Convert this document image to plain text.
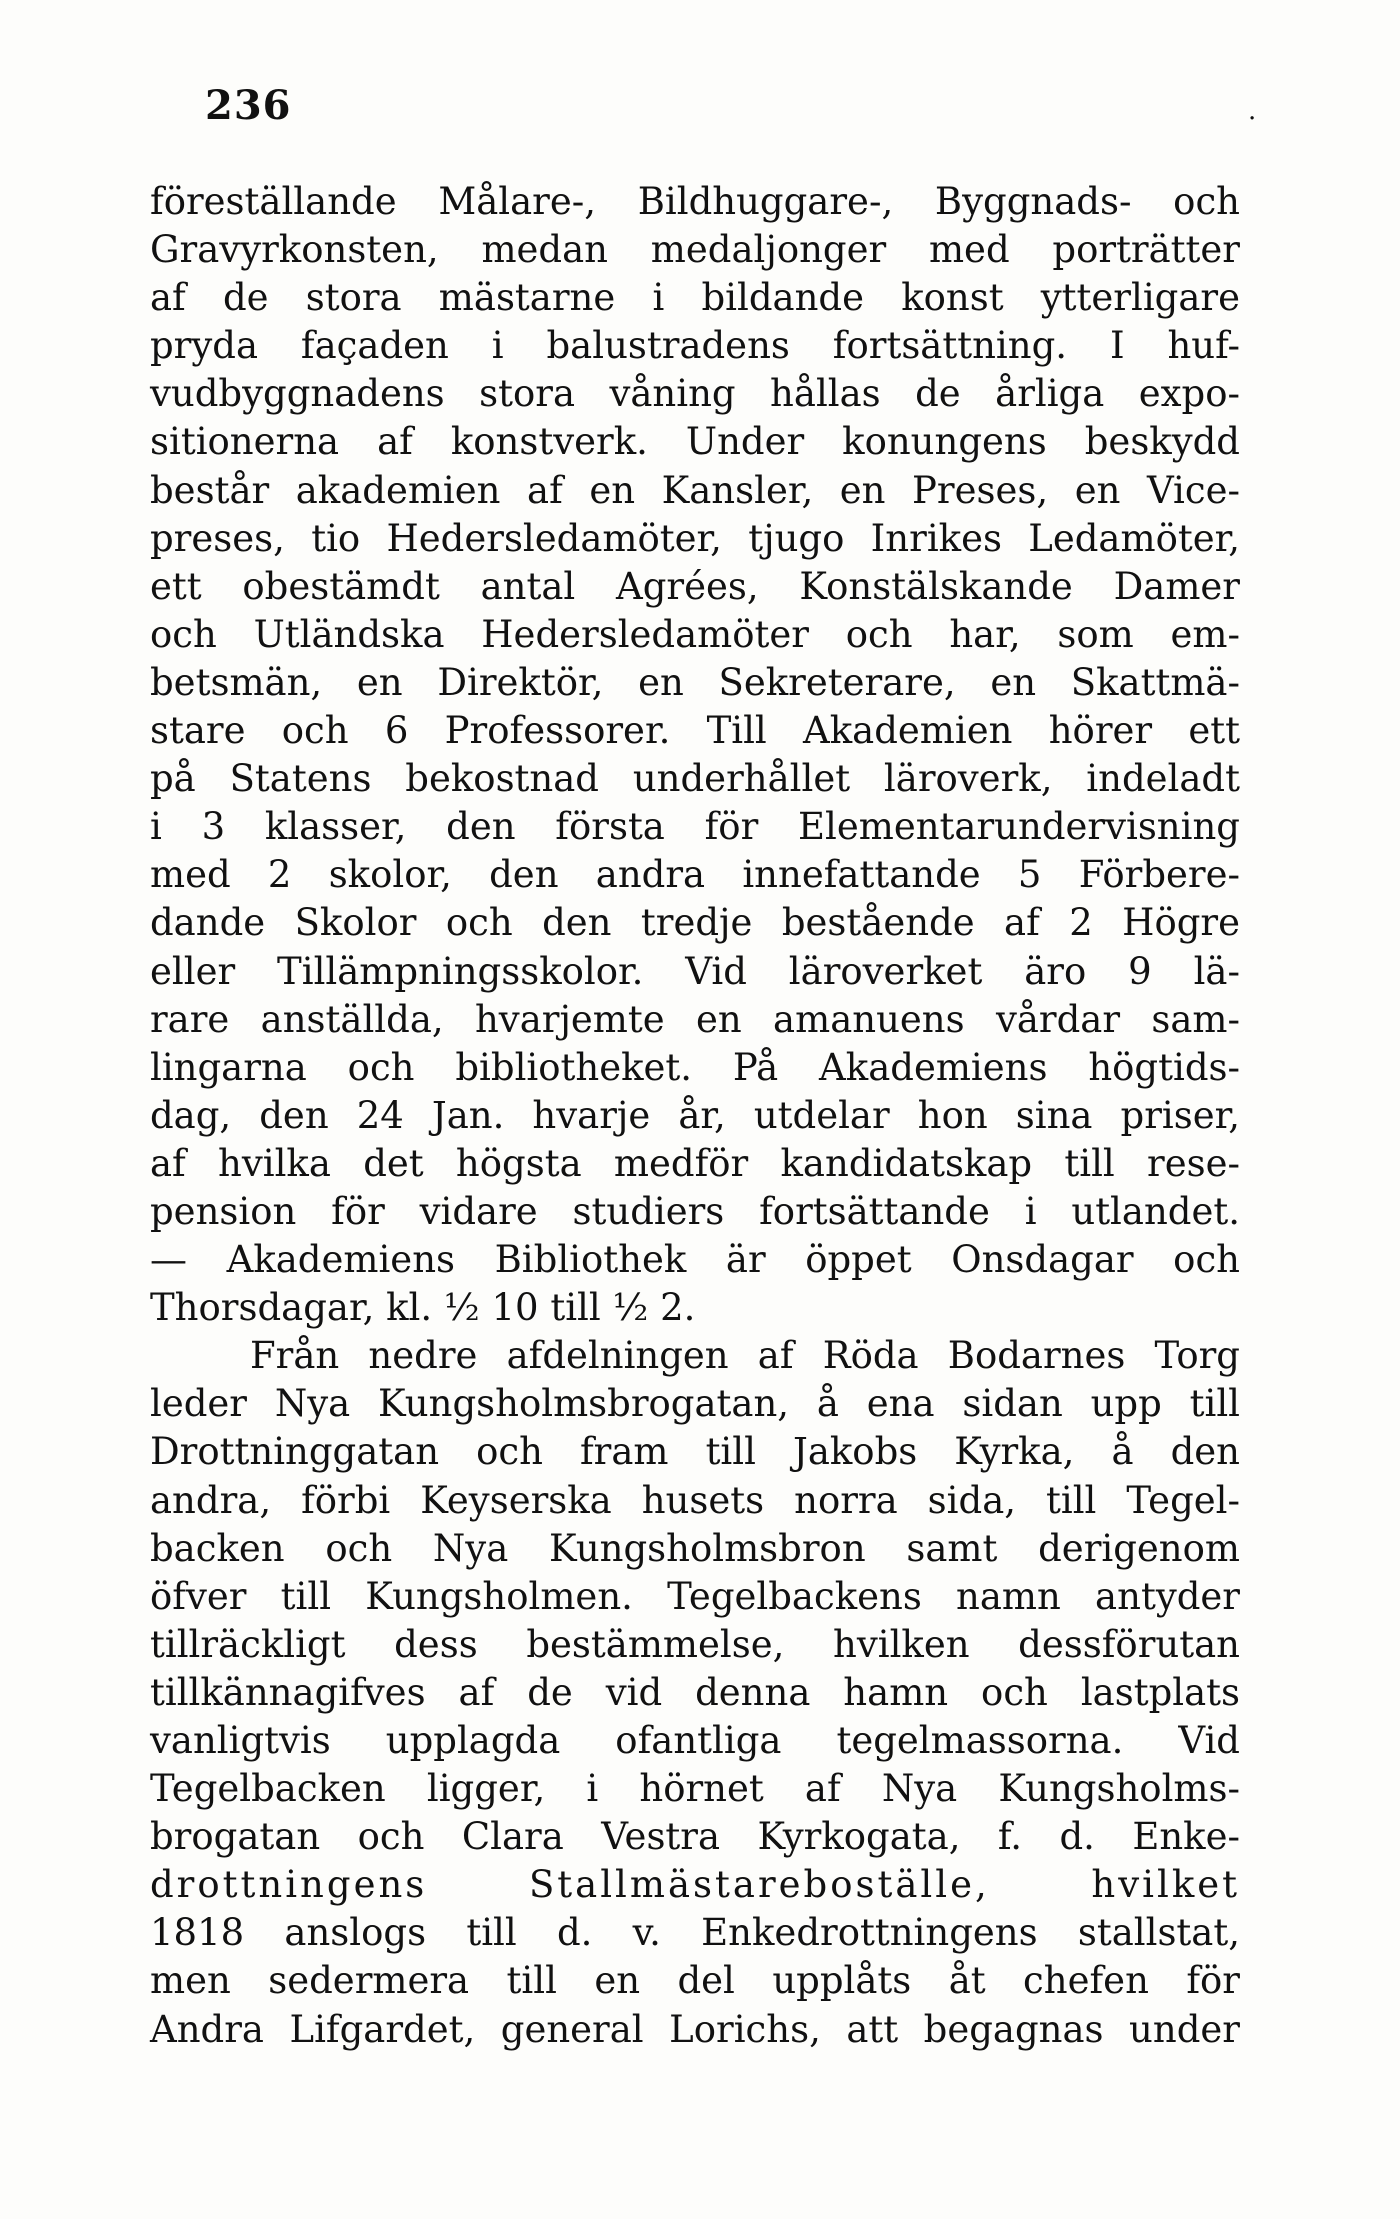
236	·
föreställande Målare-, Bildhuggare-, Byggnads- och
Gravyrkonsten, medan medaljonger med porträtter
af de stora mästarne i bildande konst ytterligare
pryda façaden i balustradens fortsättning. I huf-
vudbyggnadens stora våning hållas de årliga expo-
sitionerna af konstverk. Under konungens beskydd
består akademien af en Kansler, en Preses, en Vice-
preses, tio Hedersledamöter, tjugo Inrikes Ledamöter,
ett obestämdt antal Agrées, Konstälskande Damer
och Utländska Hedersledamöter och har, som em-
betsmän, en Direktör, en Sekreterare, en Skattmä-
stare och 6 Professorer. Till Akademien hörer ett
på Statens bekostnad underhållet läroverk, indeladt
i 3 klasser, den första för Elementarundervisning
med 2 skolor, den andra innefattande 5 Förbere-
dande Skolor och den tredje bestående af 2 Högre
eller Tillämpningsskolor. Vid läroverket äro 9 lä-
rare anställda, hvarjemte en amanuens vårdar sam-
lingarna och bibliotheket. På Akademiens högtids-
dag, den 24 Jan. hvarje år, utdelar hon sina priser,
af hvilka det högsta medför kandidatskap till rese-
pension för vidare studiers fortsättande i utlandet.
— Akademiens Bibliothek är öppet Onsdagar och
Thorsdagar, kl. ½ 10 till ½ 2.
Från nedre afdelningen af Röda Bodarnes Torg
leder Nya Kungsholmsbrogatan, å ena sidan upp till
Drottninggatan och fram till Jakobs Kyrka, å den
andra, förbi Keyserska husets norra sida, till Tegel-
backen och Nya Kungsholmsbron samt derigenom
öfver till Kungsholmen. Tegelbackens namn antyder
tillräckligt dess bestämmelse, hvilken dessförutan
tillkännagifves af de vid denna hamn och lastplats
vanligtvis upplagda ofantliga tegelmassorna. Vid
Tegelbacken ligger, i hörnet af Nya Kungsholms-
brogatan och Clara Vestra Kyrkogata, f. d. Enke-
drottningens Stallmästareboställe, hvilket
1818 anslogs till d. v. Enkedrottningens stallstat,
men sedermera till en del upplåts åt chefen för
Andra Lifgardet, general Lorichs, att begagnas under
